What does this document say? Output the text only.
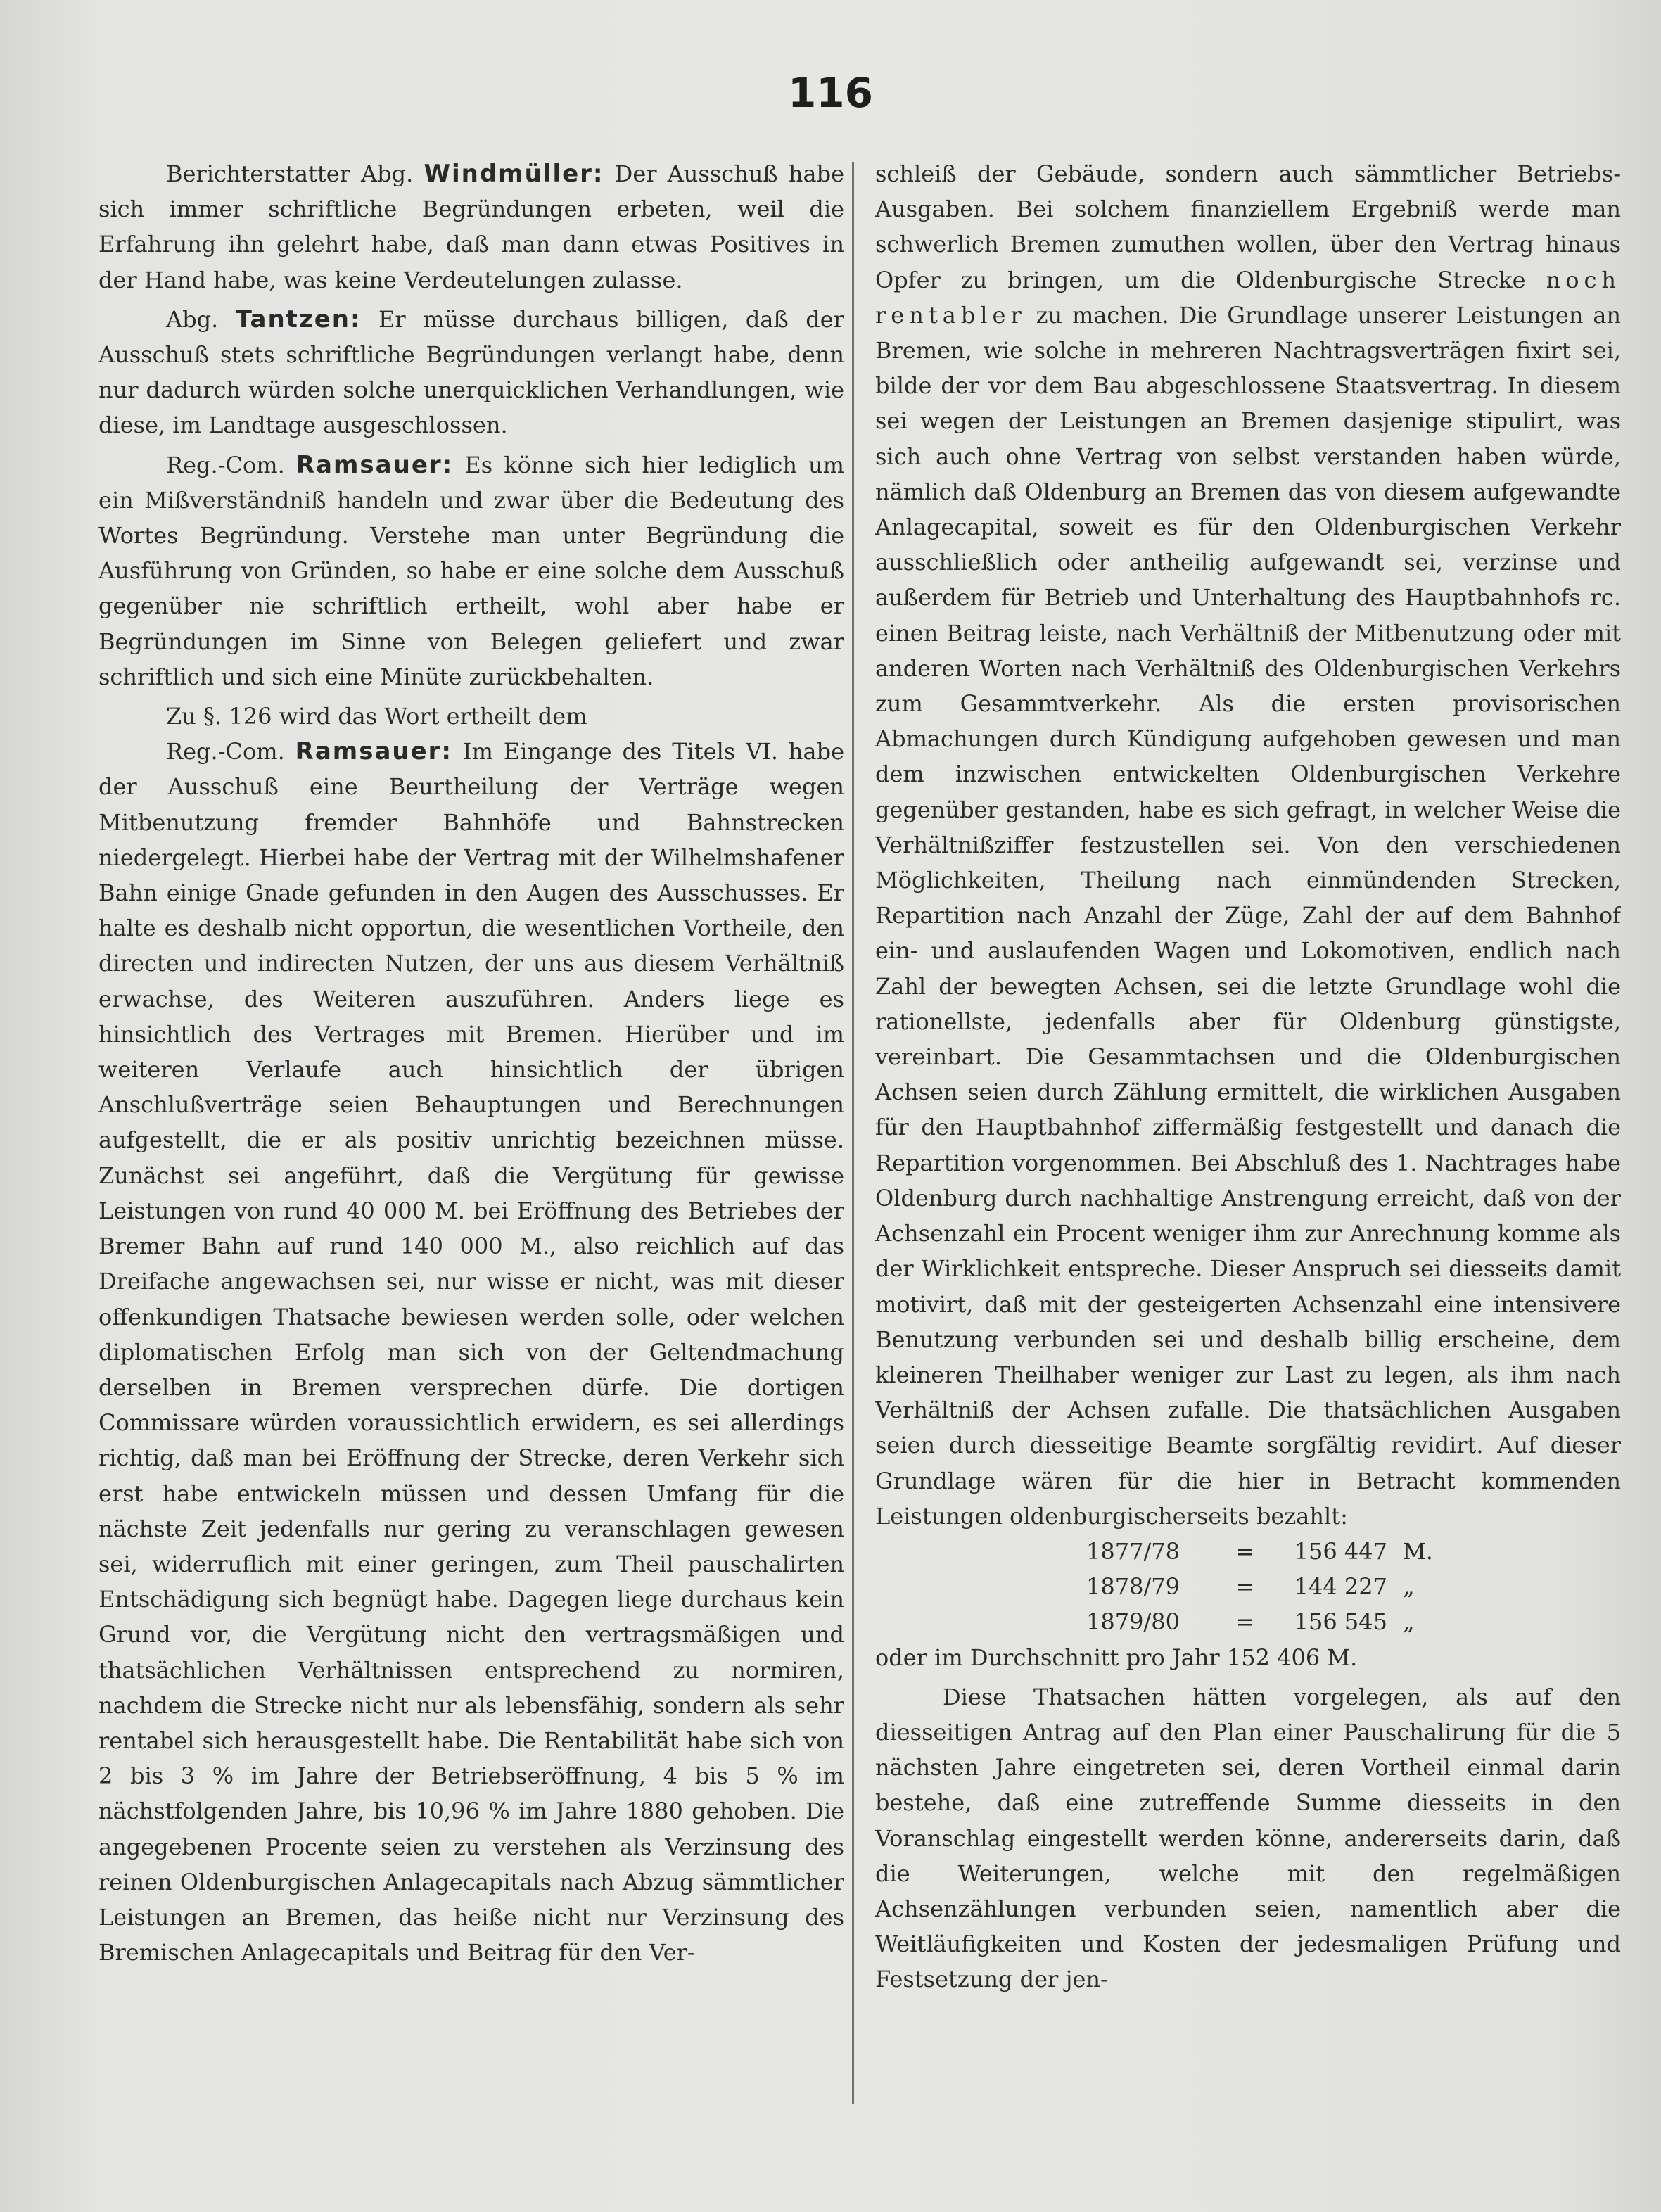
116

Berichterstatter Abg. Windmüller: Der Ausschuß habe sich immer schriftliche Begründungen erbeten, weil die Erfahrung ihn gelehrt habe, daß man dann etwas Positives in der Hand habe, was keine Verdeutelungen zulasse.

Abg. Tantzen: Er müsse durchaus billigen, daß der Ausschuß stets schriftliche Begründungen verlangt habe, denn nur dadurch würden solche unerquicklichen Verhandlungen, wie diese, im Landtage ausgeschlossen.

Reg.-Com. Ramsauer: Es könne sich hier lediglich um ein Mißverständniß handeln und zwar über die Bedeutung des Wortes Begründung. Verstehe man unter Begründung die Ausführung von Gründen, so habe er eine solche dem Ausschuß gegenüber nie schriftlich ertheilt, wohl aber habe er Begründungen im Sinne von Belegen geliefert und zwar schriftlich und sich eine Minüte zurückbehalten.

Zu §. 126 wird das Wort ertheilt dem

Reg.-Com. Ramsauer: Im Eingange des Titels VI. habe der Ausschuß eine Beurtheilung der Verträge wegen Mitbenutzung fremder Bahnhöfe und Bahnstrecken niedergelegt. Hierbei habe der Vertrag mit der Wilhelmshafener Bahn einige Gnade gefunden in den Augen des Ausschusses. Er halte es deshalb nicht opportun, die wesentlichen Vortheile, den directen und indirecten Nutzen, der uns aus diesem Verhältniß erwachse, des Weiteren auszuführen. Anders liege es hinsichtlich des Vertrages mit Bremen. Hierüber und im weiteren Verlaufe auch hinsichtlich der übrigen Anschlußverträge seien Behauptungen und Berechnungen aufgestellt, die er als positiv unrichtig bezeichnen müsse. Zunächst sei angeführt, daß die Vergütung für gewisse Leistungen von rund 40 000 M. bei Eröffnung des Betriebes der Bremer Bahn auf rund 140 000 M., also reichlich auf das Dreifache angewachsen sei, nur wisse er nicht, was mit dieser offenkundigen Thatsache bewiesen werden solle, oder welchen diplomatischen Erfolg man sich von der Geltendmachung derselben in Bremen versprechen dürfe. Die dortigen Commissare würden voraussichtlich erwidern, es sei allerdings richtig, daß man bei Eröffnung der Strecke, deren Verkehr sich erst habe entwickeln müssen und dessen Umfang für die nächste Zeit jedenfalls nur gering zu veranschlagen gewesen sei, widerruflich mit einer geringen, zum Theil pauschalirten Entschädigung sich begnügt habe. Dagegen liege durchaus kein Grund vor, die Vergütung nicht den vertragsmäßigen und thatsächlichen Verhältnissen entsprechend zu normiren, nachdem die Strecke nicht nur als lebensfähig, sondern als sehr rentabel sich herausgestellt habe. Die Rentabilität habe sich von 2 bis 3 % im Jahre der Betriebseröffnung, 4 bis 5 % im nächstfolgenden Jahre, bis 10,96 % im Jahre 1880 gehoben. Die angegebenen Procente seien zu verstehen als Verzinsung des reinen Oldenburgischen Anlagecapitals nach Abzug sämmtlicher Leistungen an Bremen, das heiße nicht nur Verzinsung des Bremischen Anlagecapitals und Beitrag für den Ver-

schleiß der Gebäude, sondern auch sämmtlicher Betriebs-Ausgaben. Bei solchem finanziellem Ergebniß werde man schwerlich Bremen zumuthen wollen, über den Vertrag hinaus Opfer zu bringen, um die Oldenburgische Strecke noch rentabler zu machen. Die Grundlage unserer Leistungen an Bremen, wie solche in mehreren Nachtragsverträgen fixirt sei, bilde der vor dem Bau abgeschlossene Staatsvertrag. In diesem sei wegen der Leistungen an Bremen dasjenige stipulirt, was sich auch ohne Vertrag von selbst verstanden haben würde, nämlich daß Oldenburg an Bremen das von diesem aufgewandte Anlagecapital, soweit es für den Oldenburgischen Verkehr ausschließlich oder antheilig aufgewandt sei, verzinse und außerdem für Betrieb und Unterhaltung des Hauptbahnhofs rc. einen Beitrag leiste, nach Verhältniß der Mitbenutzung oder mit anderen Worten nach Verhältniß des Oldenburgischen Verkehrs zum Gesammtverkehr. Als die ersten provisorischen Abmachungen durch Kündigung aufgehoben gewesen und man dem inzwischen entwickelten Oldenburgischen Verkehre gegenüber gestanden, habe es sich gefragt, in welcher Weise die Verhältnißziffer festzustellen sei. Von den verschiedenen Möglichkeiten, Theilung nach einmündenden Strecken, Repartition nach Anzahl der Züge, Zahl der auf dem Bahnhof ein- und auslaufenden Wagen und Lokomotiven, endlich nach Zahl der bewegten Achsen, sei die letzte Grundlage wohl die rationellste, jedenfalls aber für Oldenburg günstigste, vereinbart. Die Gesammtachsen und die Oldenburgischen Achsen seien durch Zählung ermittelt, die wirklichen Ausgaben für den Hauptbahnhof ziffermäßig festgestellt und danach die Repartition vorgenommen. Bei Abschluß des 1. Nachtrages habe Oldenburg durch nachhaltige Anstrengung erreicht, daß von der Achsenzahl ein Procent weniger ihm zur Anrechnung komme als der Wirklichkeit entspreche. Dieser Anspruch sei diesseits damit motivirt, daß mit der gesteigerten Achsenzahl eine intensivere Benutzung verbunden sei und deshalb billig erscheine, dem kleineren Theilhaber weniger zur Last zu legen, als ihm nach Verhältniß der Achsen zufalle. Die thatsächlichen Ausgaben seien durch diesseitige Beamte sorgfältig revidirt. Auf dieser Grundlage wären für die hier in Betracht kommenden Leistungen oldenburgischerseits bezahlt:

1877/78 = 156 447 M.

1878/79 = 144 227 „

1879/80 = 156 545 „

oder im Durchschnitt pro Jahr 152 406 M.

Diese Thatsachen hätten vorgelegen, als auf den diesseitigen Antrag auf den Plan einer Pauschalirung für die 5 nächsten Jahre eingetreten sei, deren Vortheil einmal darin bestehe, daß eine zutreffende Summe diesseits in den Voranschlag eingestellt werden könne, andererseits darin, daß die Weiterungen, welche mit den regelmäßigen Achsenzählungen verbunden seien, namentlich aber die Weitläufigkeiten und Kosten der jedesmaligen Prüfung und Festsetzung der jen-
